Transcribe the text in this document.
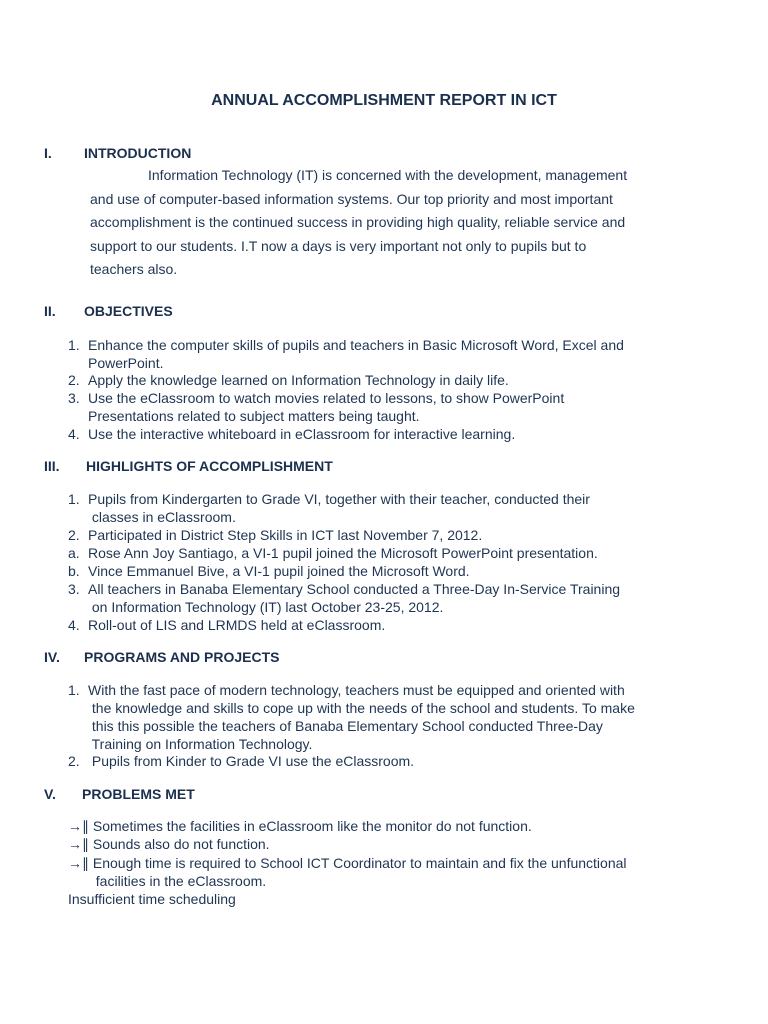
ANNUAL ACCOMPLISHMENT REPORT IN ICT
I. INTRODUCTION
Information Technology (IT) is concerned with the development, management
and use of computer-based information systems. Our top priority and most important
accomplishment is the continued success in providing high quality, reliable service and
support to our students. I.T now a days is very important not only to pupils but to
teachers also.
II. OBJECTIVES
1. Enhance the computer skills of pupils and teachers in Basic Microsoft Word, Excel and
PowerPoint.
2. Apply the knowledge learned on Information Technology in daily life.
3. Use the eClassroom to watch movies related to lessons, to show PowerPoint
Presentations related to subject matters being taught.
4. Use the interactive whiteboard in eClassroom for interactive learning.
III. HIGHLIGHTS OF ACCOMPLISHMENT
1. Pupils from Kindergarten to Grade VI, together with their teacher, conducted their
classes in eClassroom.
2. Participated in District Step Skills in ICT last November 7, 2012.
a. Rose Ann Joy Santiago, a VI-1 pupil joined the Microsoft PowerPoint presentation.
b. Vince Emmanuel Bive, a VI-1 pupil joined the Microsoft Word.
3. All teachers in Banaba Elementary School conducted a Three-Day In-Service Training
on Information Technology (IT) last October 23-25, 2012.
4. Roll-out of LIS and LRMDS held at eClassroom.
IV. PROGRAMS AND PROJECTS
1. With the fast pace of modern technology, teachers must be equipped and oriented with
the knowledge and skills to cope up with the needs of the school and students. To make
this this possible the teachers of Banaba Elementary School conducted Three-Day
Training on Information Technology.
2. Pupils from Kinder to Grade VI use the eClassroom.
V. PROBLEMS MET
→∥ Sometimes the facilities in eClassroom like the monitor do not function.
→∥ Sounds also do not function.
→∥ Enough time is required to School ICT Coordinator to maintain and fix the unfunctional
facilities in the eClassroom.
Insufficient time scheduling
